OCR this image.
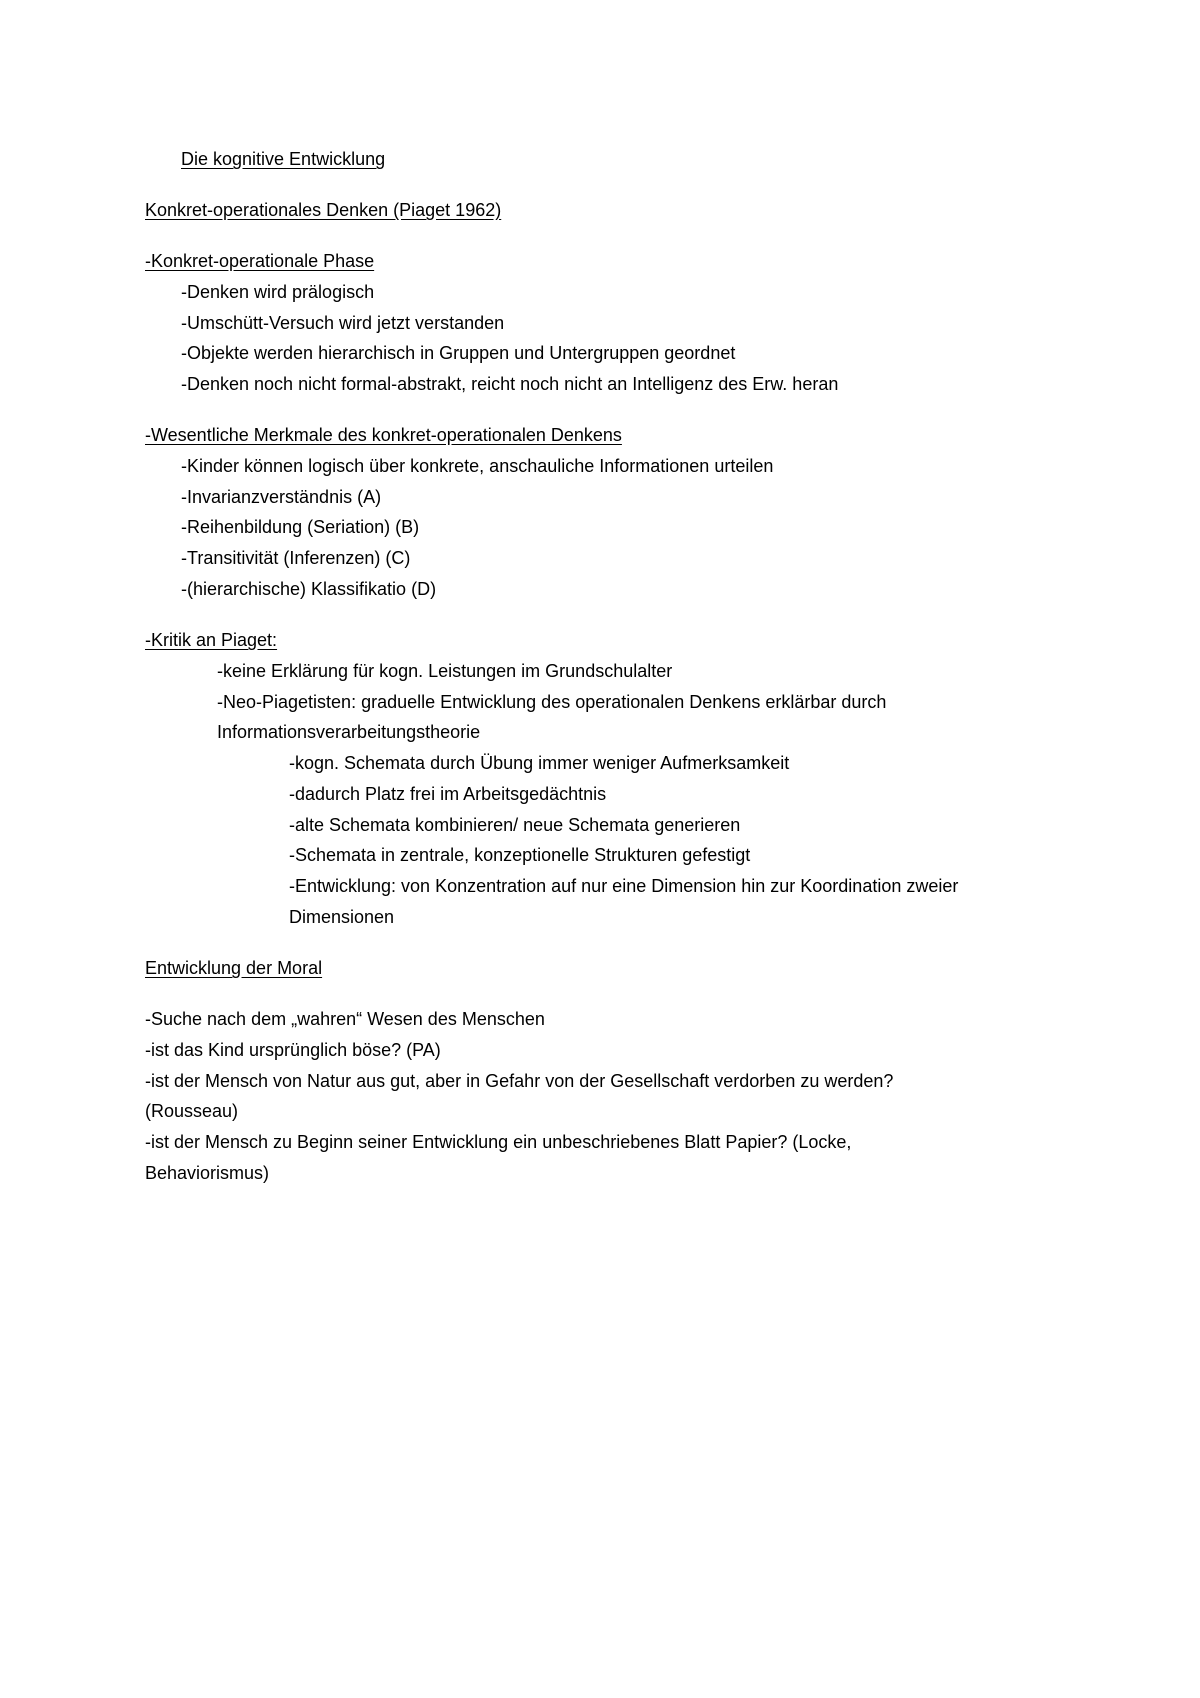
Die kognitive Entwicklung
Konkret-operationales Denken (Piaget 1962)
-Konkret-operationale Phase
-Denken wird prälogisch
-Umschütt-Versuch wird jetzt verstanden
-Objekte werden hierarchisch in Gruppen und Untergruppen geordnet
-Denken noch nicht formal-abstrakt, reicht noch nicht an Intelligenz des Erw. heran
-Wesentliche Merkmale des konkret-operationalen Denkens
-Kinder können logisch über konkrete, anschauliche Informationen urteilen
-Invarianzverständnis (A)
-Reihenbildung (Seriation) (B)
-Transitivität (Inferenzen) (C)
-(hierarchische) Klassifikatio (D)
-Kritik an Piaget:
-keine Erklärung für kogn. Leistungen im Grundschulalter
-Neo-Piagetisten: graduelle Entwicklung des operationalen Denkens erklärbar durch
Informationsverarbeitungstheorie
-kogn. Schemata durch Übung immer weniger Aufmerksamkeit
-dadurch Platz frei im Arbeitsgedächtnis
-alte Schemata kombinieren/ neue Schemata generieren
-Schemata in zentrale, konzeptionelle Strukturen gefestigt
-Entwicklung: von Konzentration auf nur eine Dimension hin zur Koordination zweier
Dimensionen
Entwicklung der Moral
-Suche nach dem „wahren“ Wesen des Menschen
-ist das Kind ursprünglich böse? (PA)
-ist der Mensch von Natur aus gut, aber in Gefahr von der Gesellschaft verdorben zu werden?
(Rousseau)
-ist der Mensch zu Beginn seiner Entwicklung ein unbeschriebenes Blatt Papier? (Locke,
Behaviorismus)
